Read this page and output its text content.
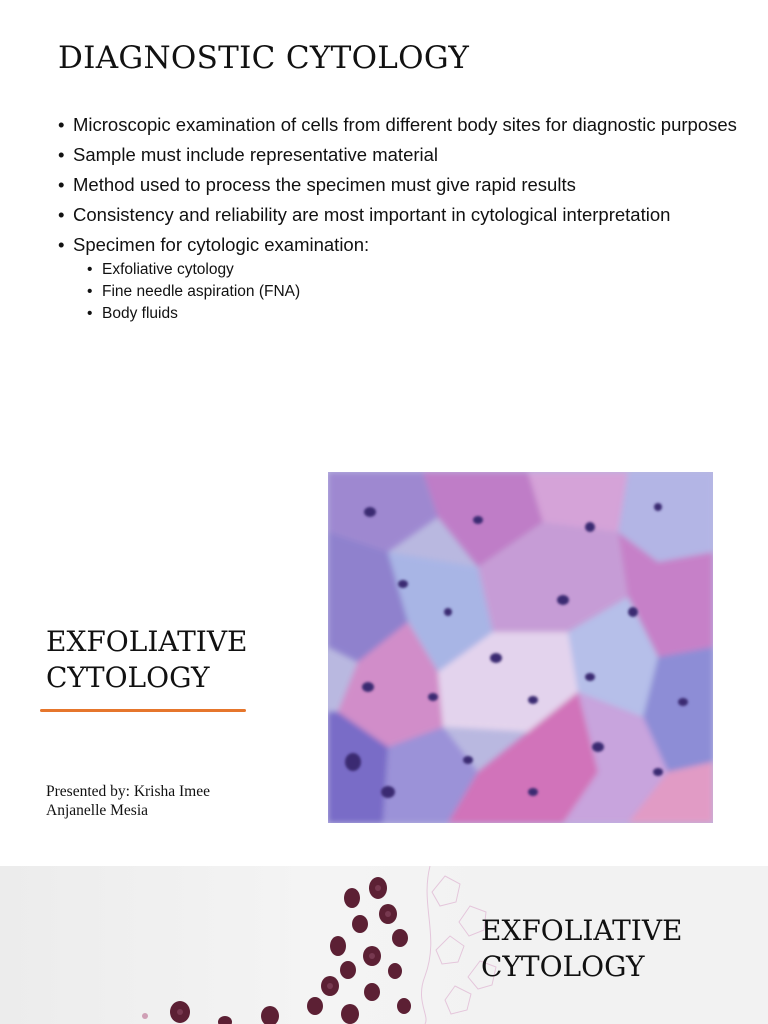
DIAGNOSTIC CYTOLOGY
• Microscopic examination of cells from different body sites for diagnostic purposes
• Sample must include representative material
• Method used to process the specimen must give rapid results
• Consistency and reliability are most important in cytological interpretation
• Specimen for cytologic examination:
• Exfoliative cytology
• Fine needle aspiration (FNA)
• Body fluids
EXFOLIATIVE
CYTOLOGY
Presented by: Krisha Imee
Anjanelle Mesia
EXFOLIATIVE
CYTOLOGY
